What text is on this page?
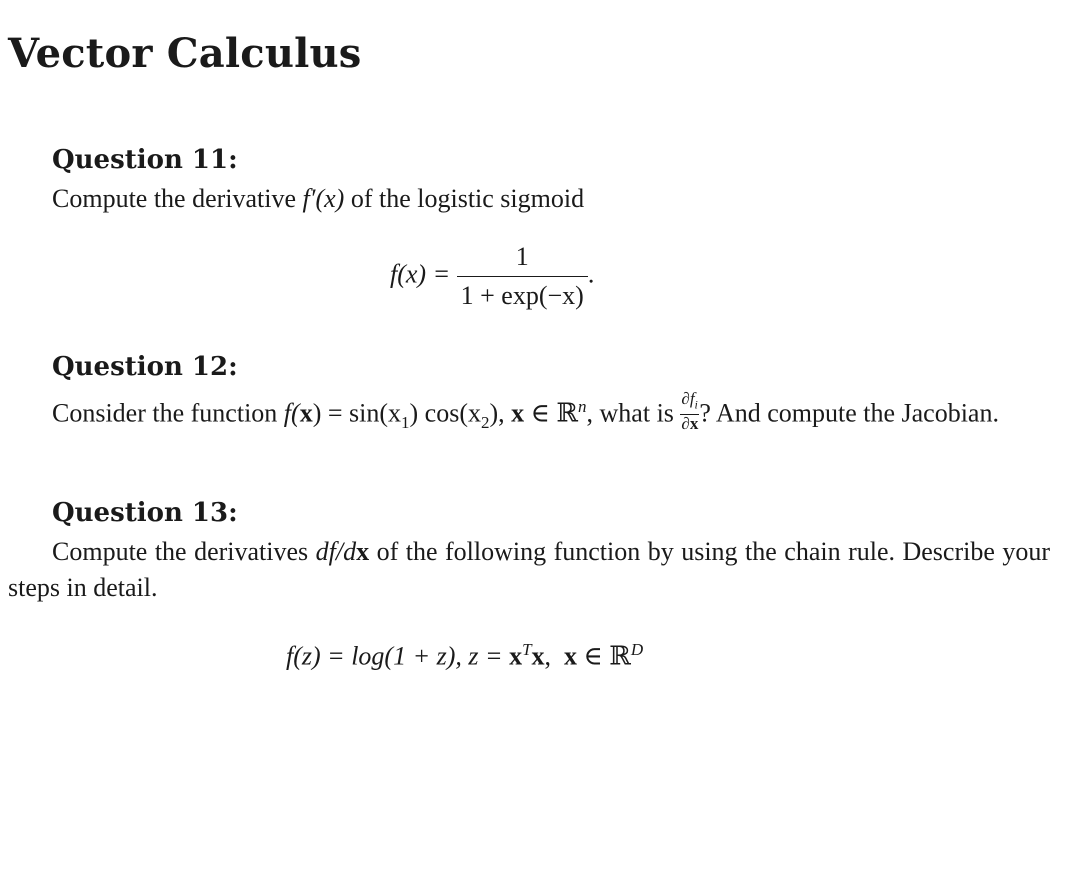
Vector Calculus
Question 11:

Compute the derivative f′(x) of the logistic sigmoid

$f(x) = \frac{1}{1 + \exp(-x)}$ .
Question 12:

Consider the function $f(x) = \sin(x_1)$ $\cos(x_2)$, x ∈ ℝ$^n$, what is $\frac{\partial f_i}{\partial x}$ ? And compute the Jacobian.

Question 13:

Compute the derivatives df/dx of the following function by using the chain rule. Describe your steps in detail.

f(z) = log(1 + z), $z = x^Tx$,  x ∈ ℝ$^D$
